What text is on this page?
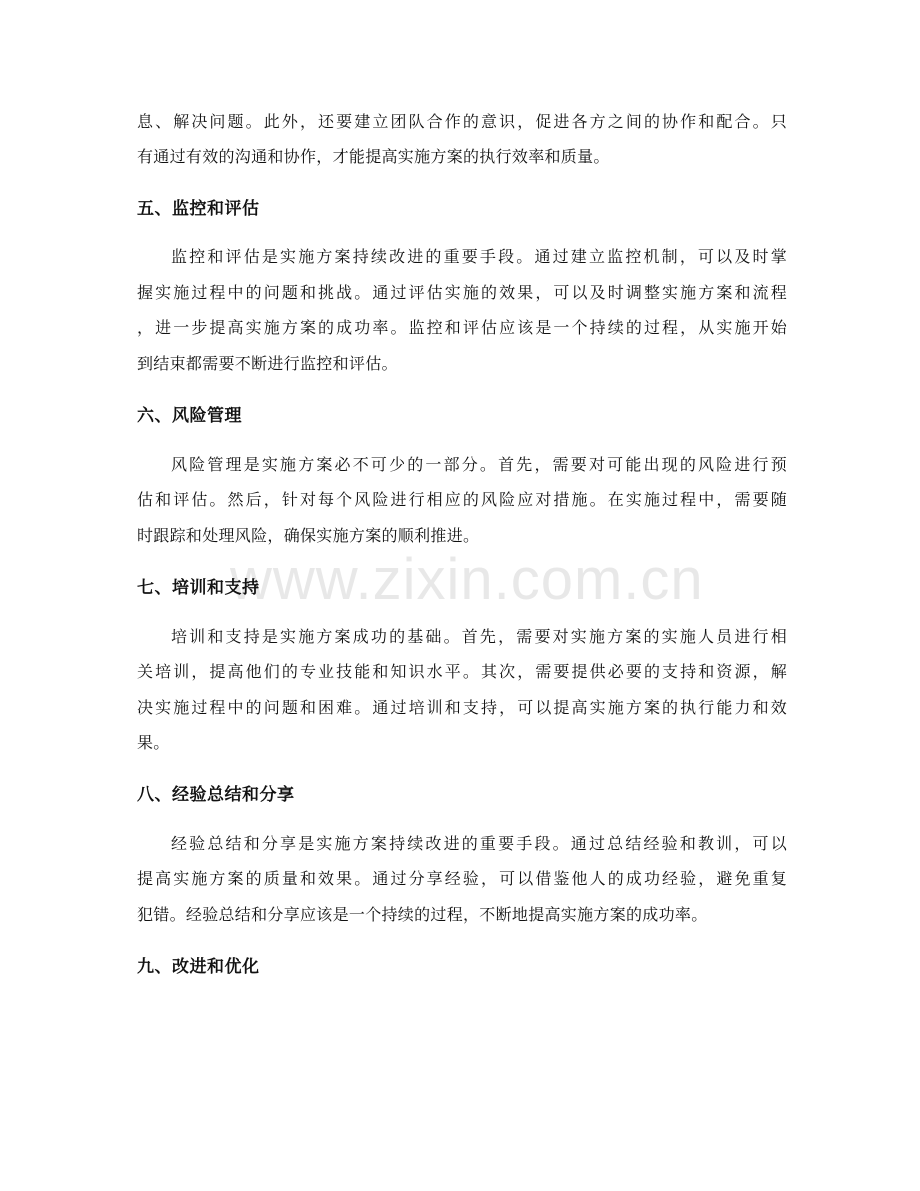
息、解决问题。此外，还要建立团队合作的意识，促进各方之间的协作和配合。只
有通过有效的沟通和协作，才能提高实施方案的执行效率和质量。
五、监控和评估
监控和评估是实施方案持续改进的重要手段。通过建立监控机制，可以及时掌
握实施过程中的问题和挑战。通过评估实施的效果，可以及时调整实施方案和流程
，进一步提高实施方案的成功率。监控和评估应该是一个持续的过程，从实施开始
到结束都需要不断进行监控和评估。
六、风险管理
风险管理是实施方案必不可少的一部分。首先，需要对可能出现的风险进行预
估和评估。然后，针对每个风险进行相应的风险应对措施。在实施过程中，需要随
时跟踪和处理风险，确保实施方案的顺利推进。
www.zixin.com.cn
七、培训和支持
培训和支持是实施方案成功的基础。首先，需要对实施方案的实施人员进行相
关培训，提高他们的专业技能和知识水平。其次，需要提供必要的支持和资源，解
决实施过程中的问题和困难。通过培训和支持，可以提高实施方案的执行能力和效
果。
八、经验总结和分享
经验总结和分享是实施方案持续改进的重要手段。通过总结经验和教训，可以
提高实施方案的质量和效果。通过分享经验，可以借鉴他人的成功经验，避免重复
犯错。经验总结和分享应该是一个持续的过程，不断地提高实施方案的成功率。
九、改进和优化
